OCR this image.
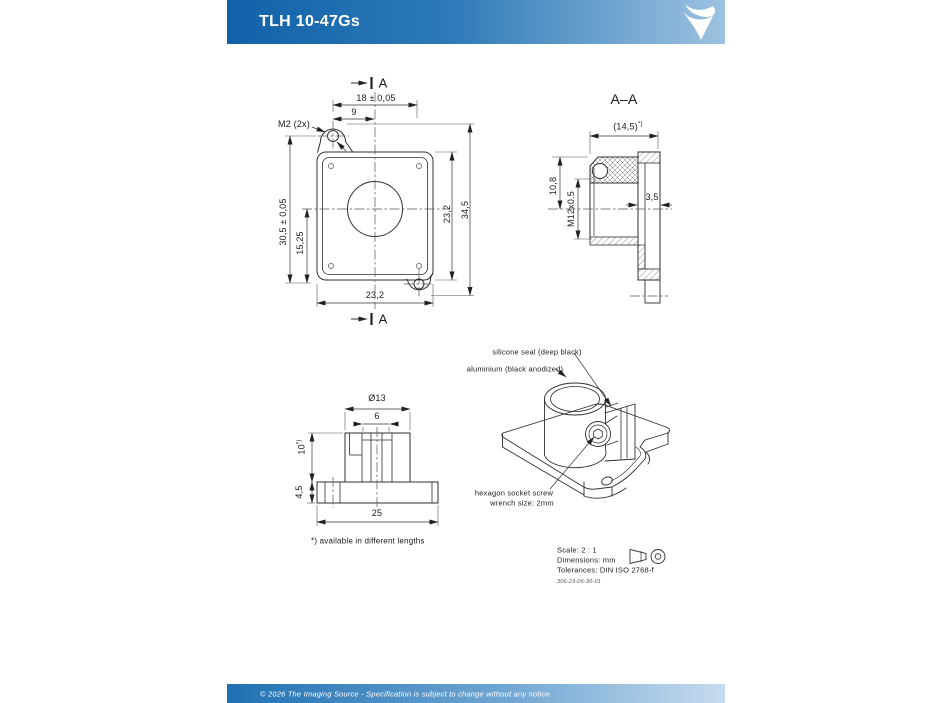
TLH 10-47Gs
A
18 ± 0,05
9
M2 (2x)
30,5 ± 0,05 15,25
23,2 34,5
23,2
A
A–A
(14,5)*)
10,8
M12x0.5	3,5
Ø13
6
10*)
4,5
25
*) available in different lengths
silicone seal (deep black)
aluminium (black anodized)
hexagon socket screw
wrench size: 2mm
Scale: 2 : 1
Dimensions: mm
Tolerances: DIN ISO 2768-f
306-23-06-30-01
© 2026 The Imaging Source - Specification is subject to change without any notice.
